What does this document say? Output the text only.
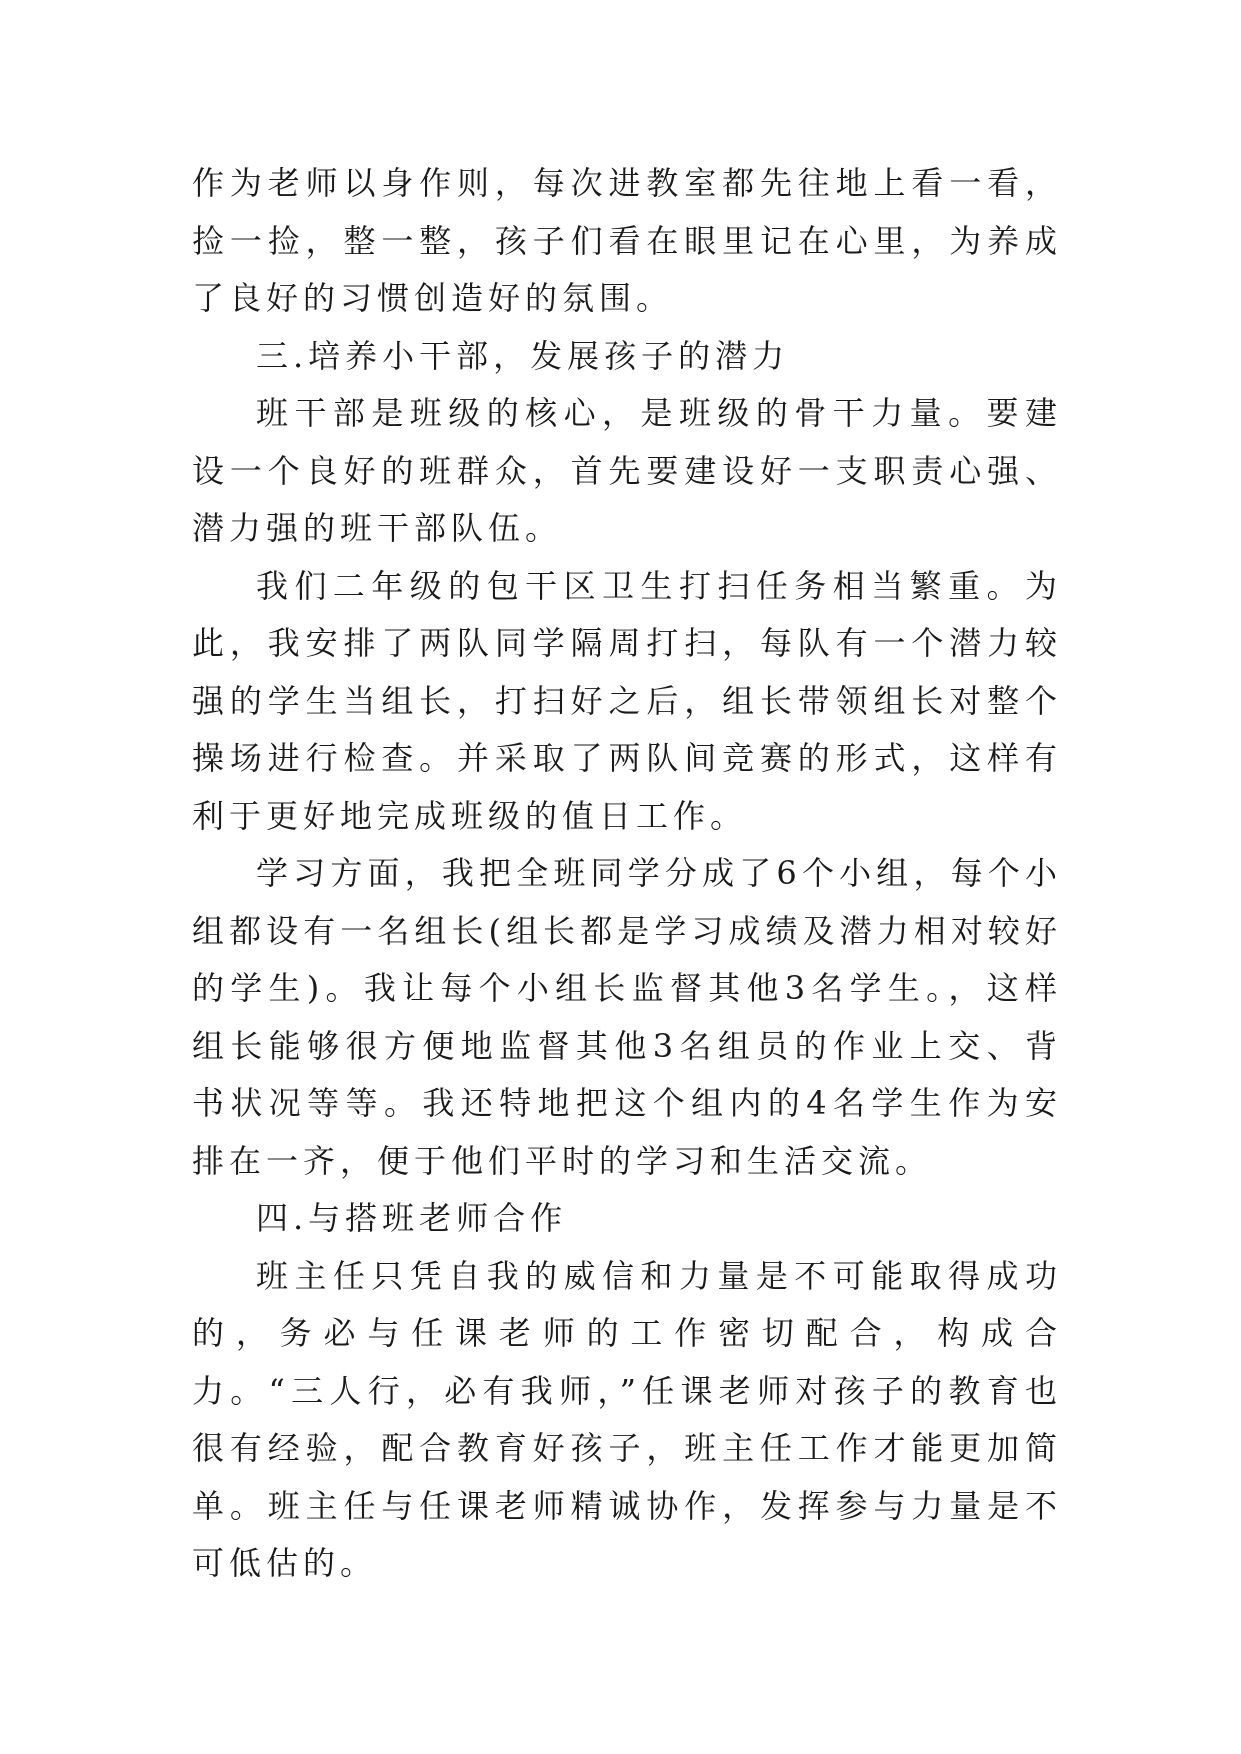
作为老师以身作则，每次进教室都先往地上看一看，捡一捡，整一整，孩子们看在眼里记在心里，为养成了良好的习惯创造好的氛围。

三.培养小干部，发展孩子的潜力

班干部是班级的核心，是班级的骨干力量。要建设一个良好的班群众，首先要建设好一支职责心强、潜力强的班干部队伍。

我们二年级的包干区卫生打扫任务相当繁重。为此，我安排了两队同学隔周打扫，每队有一个潜力较强的学生当组长，打扫好之后，组长带领组长对整个操场进行检查。并采取了两队间竞赛的形式，这样有利于更好地完成班级的值日工作。

学习方面，我把全班同学分成了6个小组，每个小组都设有一名组长(组长都是学习成绩及潜力相对较好的学生)。我让每个小组长监督其他3名学生。，这样组长能够很方便地监督其他3名组员的作业上交、背书状况等等。我还特地把这个组内的4名学生作为安排在一齐，便于他们平时的学习和生活交流。

四.与搭班老师合作

班主任只凭自我的威信和力量是不可能取得成功的，务必与任课老师的工作密切配合，构成合力。“三人行，必有我师，”任课老师对孩子的教育也很有经验，配合教育好孩子，班主任工作才能更加简单。班主任与任课老师精诚协作，发挥参与力量是不可低估的。
